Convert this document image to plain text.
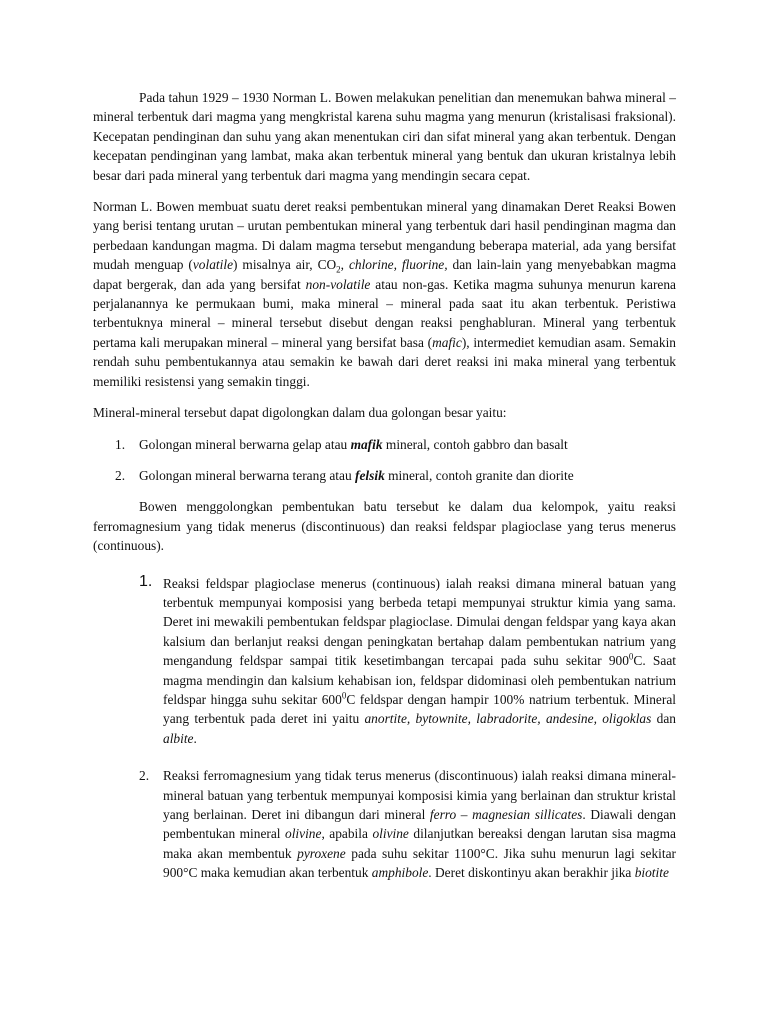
Pada tahun 1929 – 1930 Norman L. Bowen melakukan penelitian dan menemukan bahwa mineral – mineral terbentuk dari magma yang mengkristal karena suhu magma yang menurun (kristalisasi fraksional). Kecepatan pendinginan dan suhu yang akan menentukan ciri dan sifat mineral yang akan terbentuk. Dengan kecepatan pendinginan yang lambat, maka akan terbentuk mineral yang bentuk dan ukuran kristalnya lebih besar dari pada mineral yang terbentuk dari magma yang mendingin secara cepat.

Norman L. Bowen membuat suatu deret reaksi pembentukan mineral yang dinamakan Deret Reaksi Bowen yang berisi tentang urutan – urutan pembentukan mineral yang terbentuk dari hasil pendinginan magma dan perbedaan kandungan magma. Di dalam magma tersebut mengandung beberapa material, ada yang bersifat mudah menguap (volatile) misalnya air, $CO_2$, chlorine, fluorine, dan lain-lain yang menyebabkan magma dapat bergerak, dan ada yang bersifat non-volatile atau non-gas. Ketika magma suhunya menurun karena perjalanannya ke permukaan bumi, maka mineral – mineral pada saat itu akan terbentuk. Peristiwa terbentuknya mineral – mineral tersebut disebut dengan reaksi penghabluran. Mineral yang terbentuk pertama kali merupakan mineral – mineral yang bersifat basa (mafic), intermediet kemudian asam. Semakin rendah suhu pembentukannya atau semakin ke bawah dari deret reaksi ini maka mineral yang terbentuk memiliki resistensi yang semakin tinggi.

Mineral-mineral tersebut dapat digolongkan dalam dua golongan besar yaitu:

1. Golongan mineral berwarna gelap atau mafik mineral, contoh gabbro dan basalt

2. Golongan mineral berwarna terang atau felsik mineral, contoh granite dan diorite

Bowen menggolongkan pembentukan batu tersebut ke dalam dua kelompok, yaitu reaksi ferromagnesium yang tidak menerus (discontinuous) dan reaksi feldspar plagioclase yang terus menerus (continuous).

1. Reaksi feldspar plagioclase menerus (continuous) ialah reaksi dimana mineral batuan yang terbentuk mempunyai komposisi yang berbeda tetapi mempunyai struktur kimia yang sama. Deret ini mewakili pembentukan feldspar plagioclase. Dimulai dengan feldspar yang kaya akan kalsium dan berlanjut reaksi dengan peningkatan bertahap dalam pembentukan natrium yang mengandung feldspar sampai titik kesetimbangan tercapai pada suhu sekitar $900^0C$. Saat magma mendingin dan kalsium kehabisan ion, feldspar didominasi oleh pembentukan natrium feldspar hingga suhu sekitar $600^0C$ feldspar dengan hampir 100% natrium terbentuk. Mineral yang terbentuk pada deret ini yaitu anortite, bytownite, labradorite, andesine, oligoklas dan albite.

2. Reaksi ferromagnesium yang tidak terus menerus (discontinuous) ialah reaksi dimana mineral-mineral batuan yang terbentuk mempunyai komposisi kimia yang berlainan dan struktur kristal yang berlainan. Deret ini dibangun dari mineral ferro – magnesian sillicates. Diawali dengan pembentukan mineral olivine, apabila olivine dilanjutkan bereaksi dengan larutan sisa magma maka akan membentuk pyroxene pada suhu sekitar 1100°C. Jika suhu menurun lagi sekitar 900°C maka kemudian akan terbentuk amphibole. Deret diskontinyu akan berakhir jika biotite
